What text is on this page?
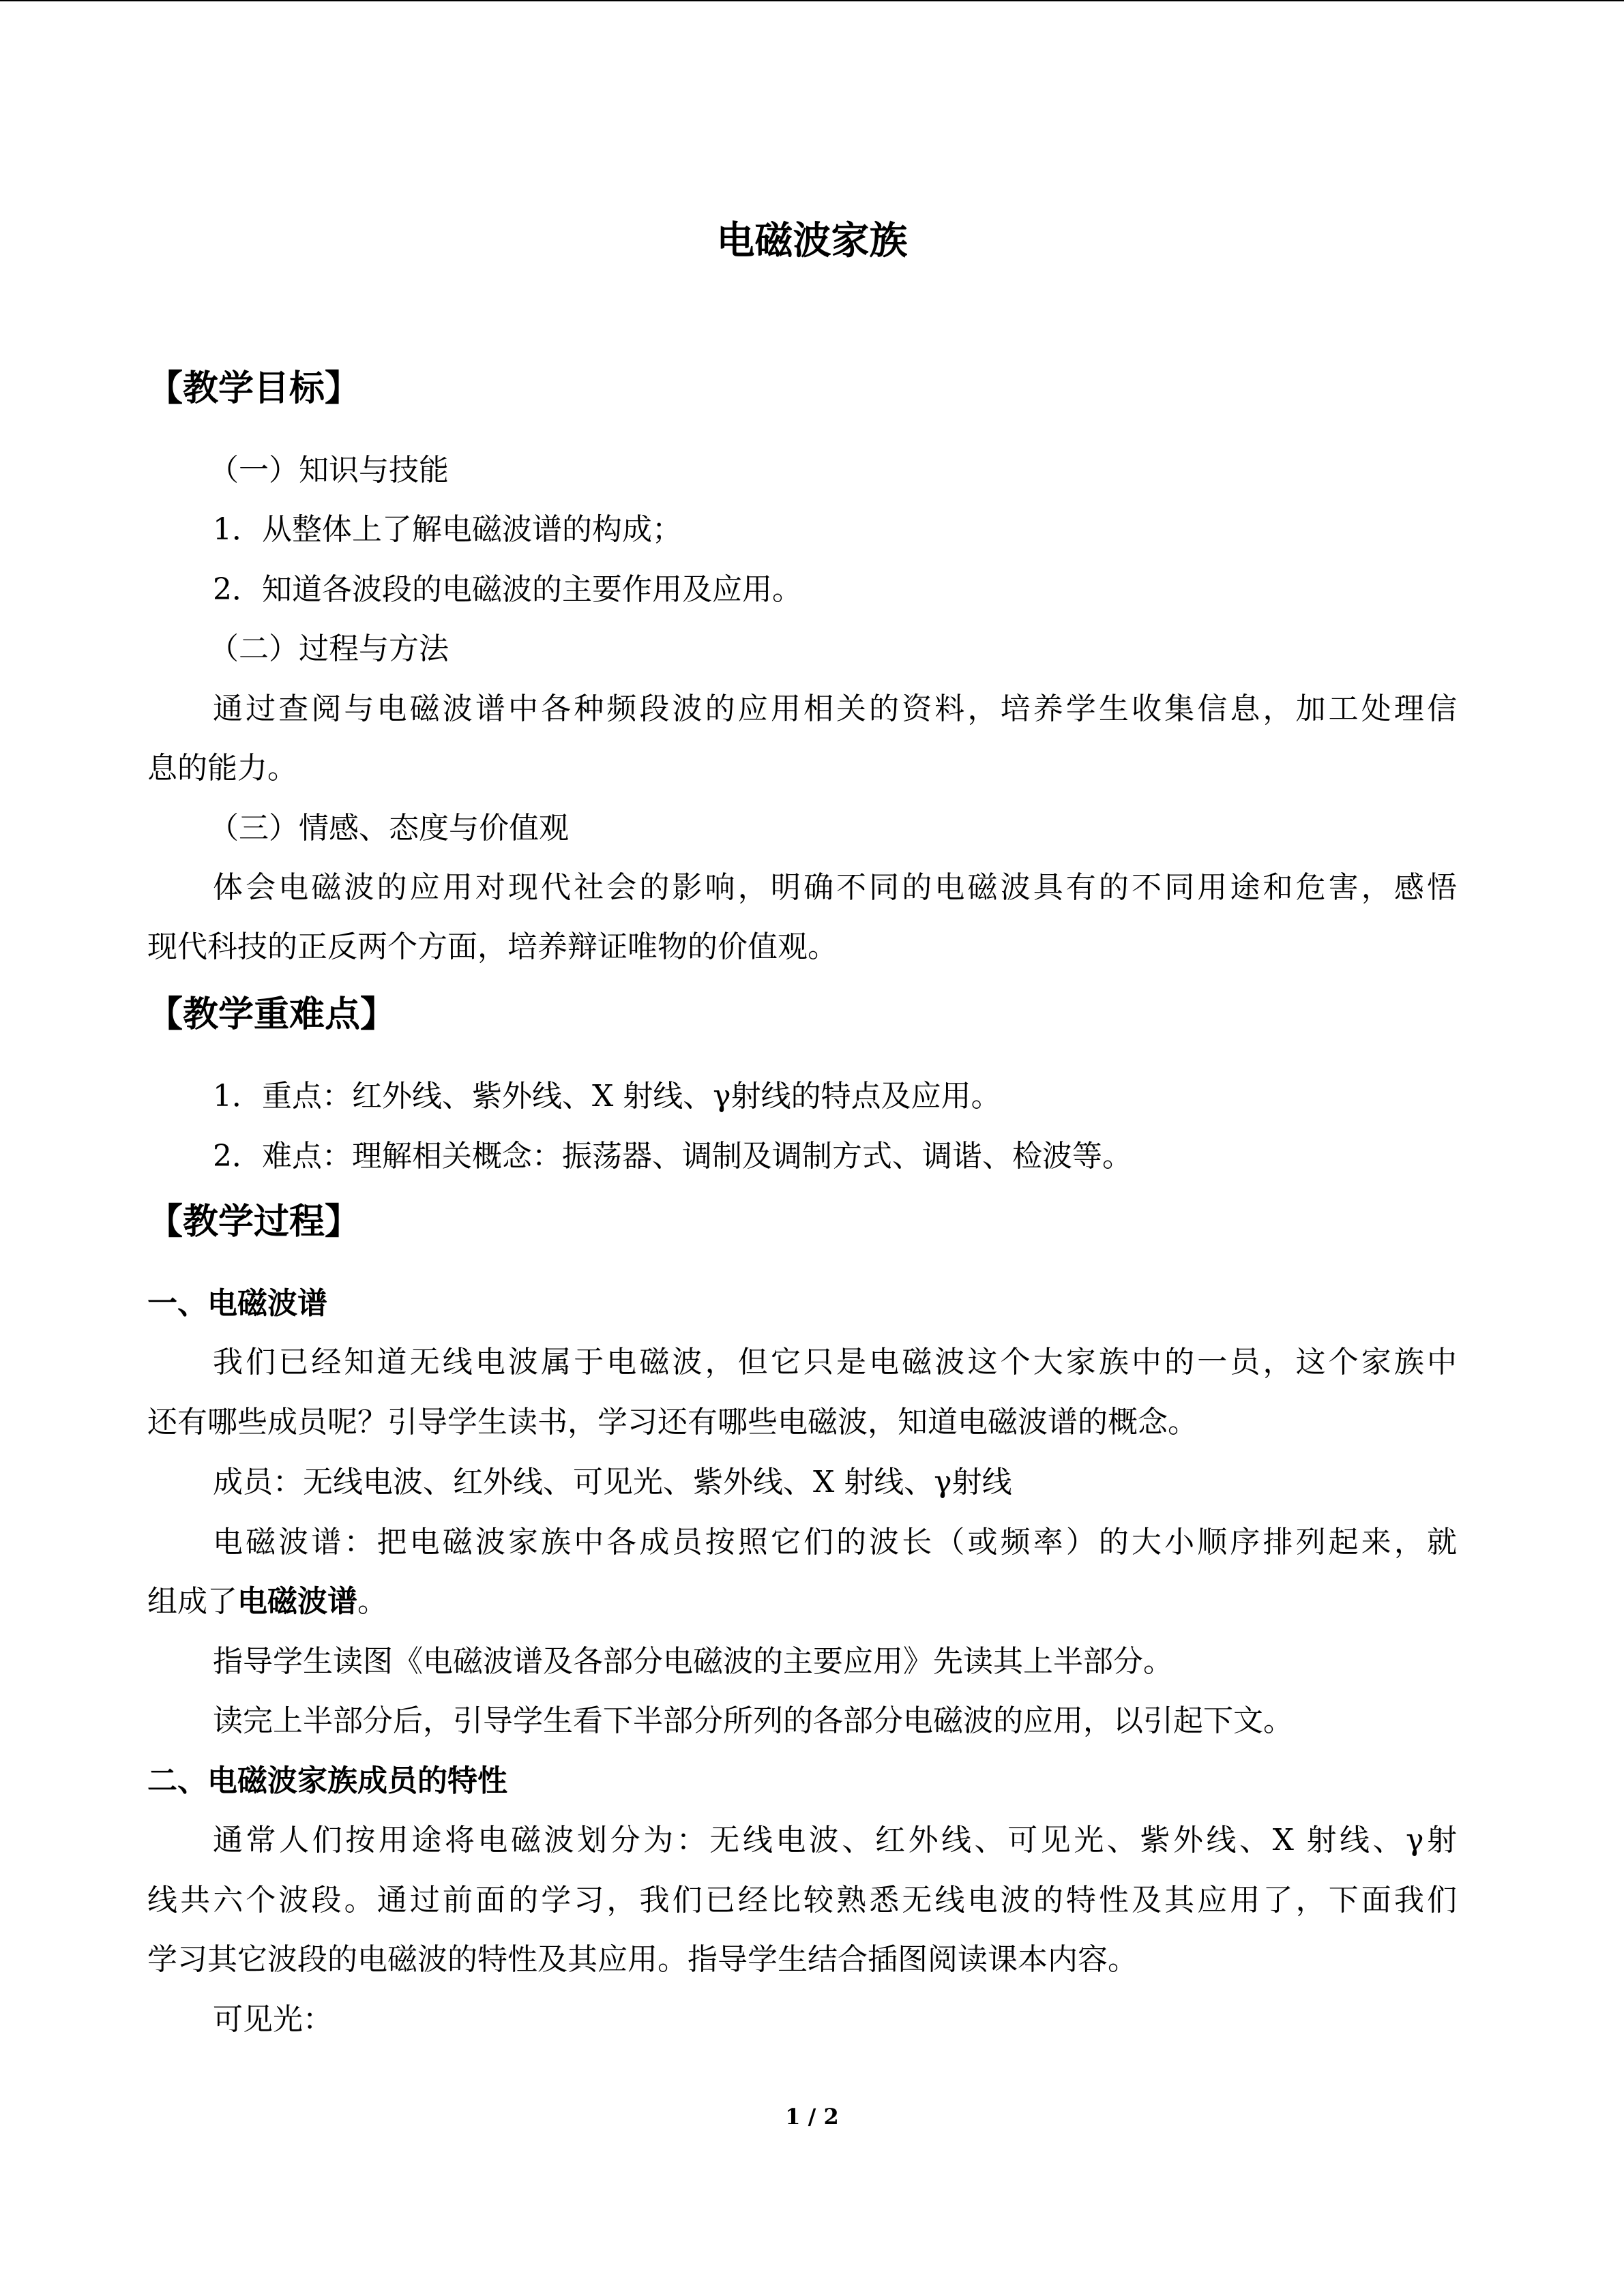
电磁波家族
【教学目标】

（一）知识与技能

1．从整体上了解电磁波谱的构成；

2．知道各波段的电磁波的主要作用及应用。

（二）过程与方法

通过查阅与电磁波谱中各种频段波的应用相关的资料，培养学生收集信息，加工处理信

息的能力。

（三）情感、态度与价值观

体会电磁波的应用对现代社会的影响，明确不同的电磁波具有的不同用途和危害，感悟

现代科技的正反两个方面，培养辩证唯物的价值观。

【教学重难点】

1．重点：红外线、紫外线、X 射线、γ射线的特点及应用。

2．难点：理解相关概念：振荡器、调制及调制方式、调谐、检波等。

【教学过程】
一、电磁波谱

我们已经知道无线电波属于电磁波，但它只是电磁波这个大家族中的一员，这个家族中

还有哪些成员呢？引导学生读书，学习还有哪些电磁波，知道电磁波谱的概念。

成员：无线电波、红外线、可见光、紫外线、X 射线、γ射线

电磁波谱：把电磁波家族中各成员按照它们的波长（或频率）的大小顺序排列起来，就

组成了电磁波谱。

指导学生读图《电磁波谱及各部分电磁波的主要应用》先读其上半部分。

读完上半部分后，引导学生看下半部分所列的各部分电磁波的应用，以引起下文。

二、电磁波家族成员的特性

通常人们按用途将电磁波划分为：无线电波、红外线、可见光、紫外线、X 射线、γ射

线共六个波段。通过前面的学习，我们已经比较熟悉无线电波的特性及其应用了，下面我们

学习其它波段的电磁波的特性及其应用。指导学生结合插图阅读课本内容。

可见光：

1 / 2
